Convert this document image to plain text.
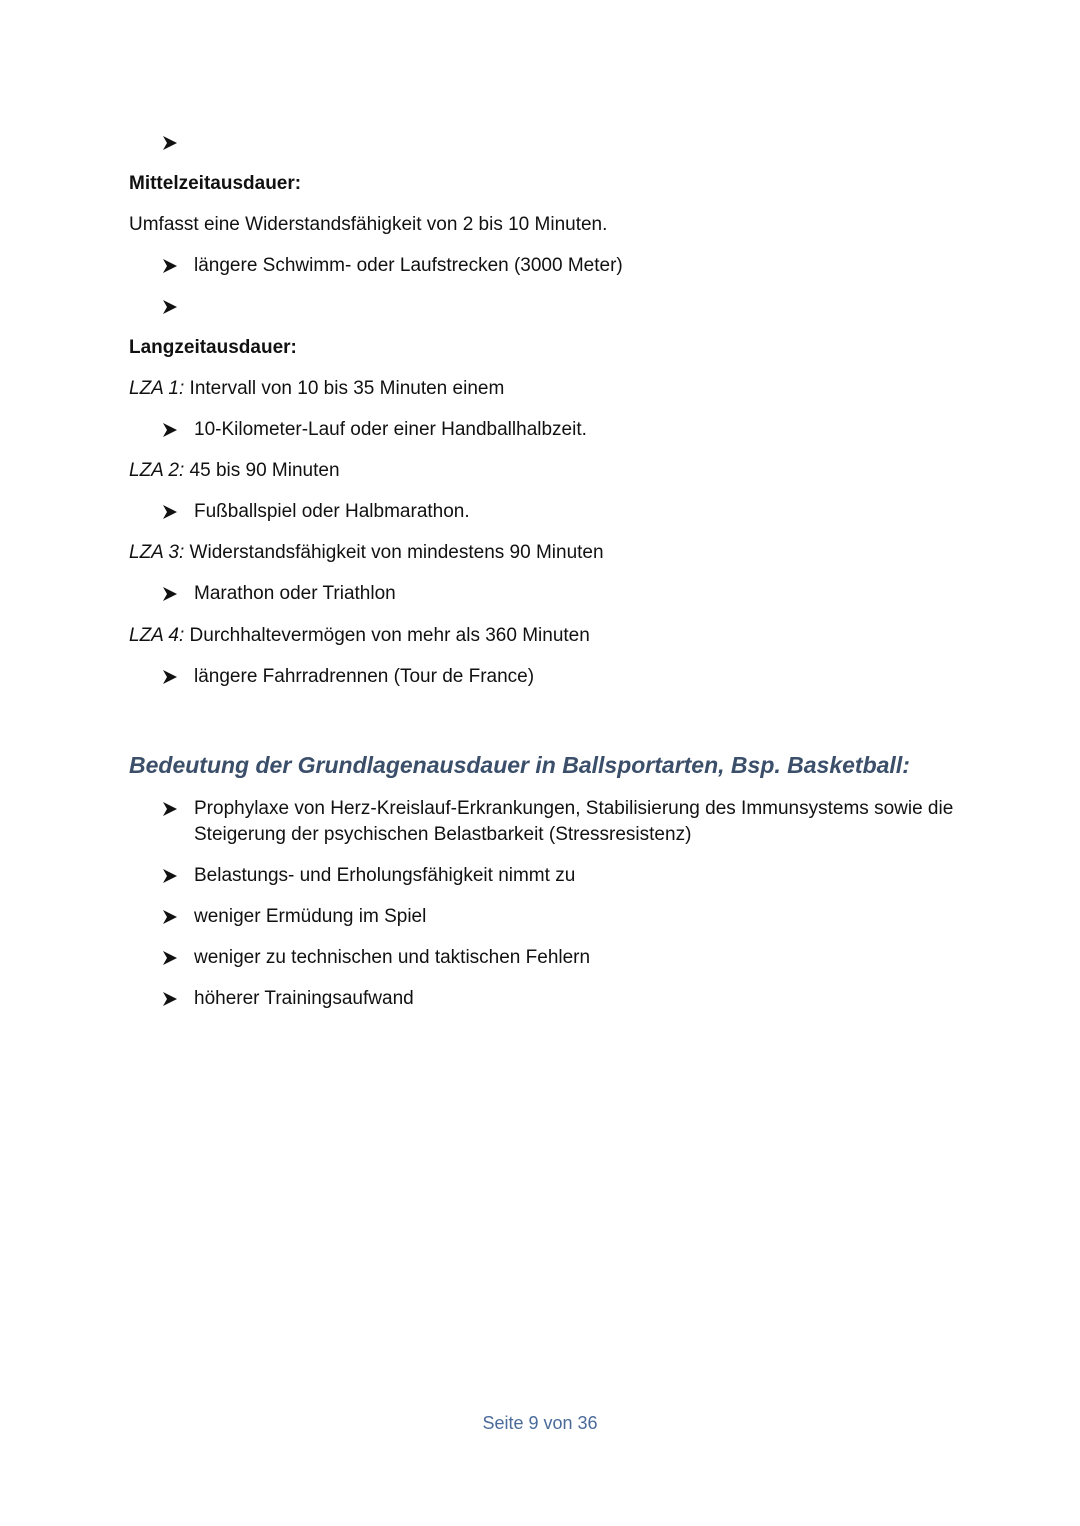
Mittelzeitausdauer:
Umfasst eine Widerstandsfähigkeit von 2 bis 10 Minuten.
längere Schwimm- oder Laufstrecken (3000 Meter)
Langzeitausdauer:
LZA 1: Intervall von 10 bis 35 Minuten einem
10-Kilometer-Lauf oder einer Handballhalbzeit.
LZA 2: 45 bis 90 Minuten
Fußballspiel oder Halbmarathon.
LZA 3: Widerstandsfähigkeit von mindestens 90 Minuten
Marathon oder Triathlon
LZA 4: Durchhaltevermögen von mehr als 360 Minuten
längere Fahrradrennen (Tour de France)
Bedeutung der Grundlagenausdauer in Ballsportarten, Bsp. Basketball:
Prophylaxe von Herz-Kreislauf-Erkrankungen, Stabilisierung des Immunsystems sowie die Steigerung der psychischen Belastbarkeit (Stressresistenz)
Belastungs- und Erholungsfähigkeit nimmt zu
weniger Ermüdung im Spiel
weniger zu technischen und taktischen Fehlern
höherer Trainingsaufwand
Seite 9 von 36
